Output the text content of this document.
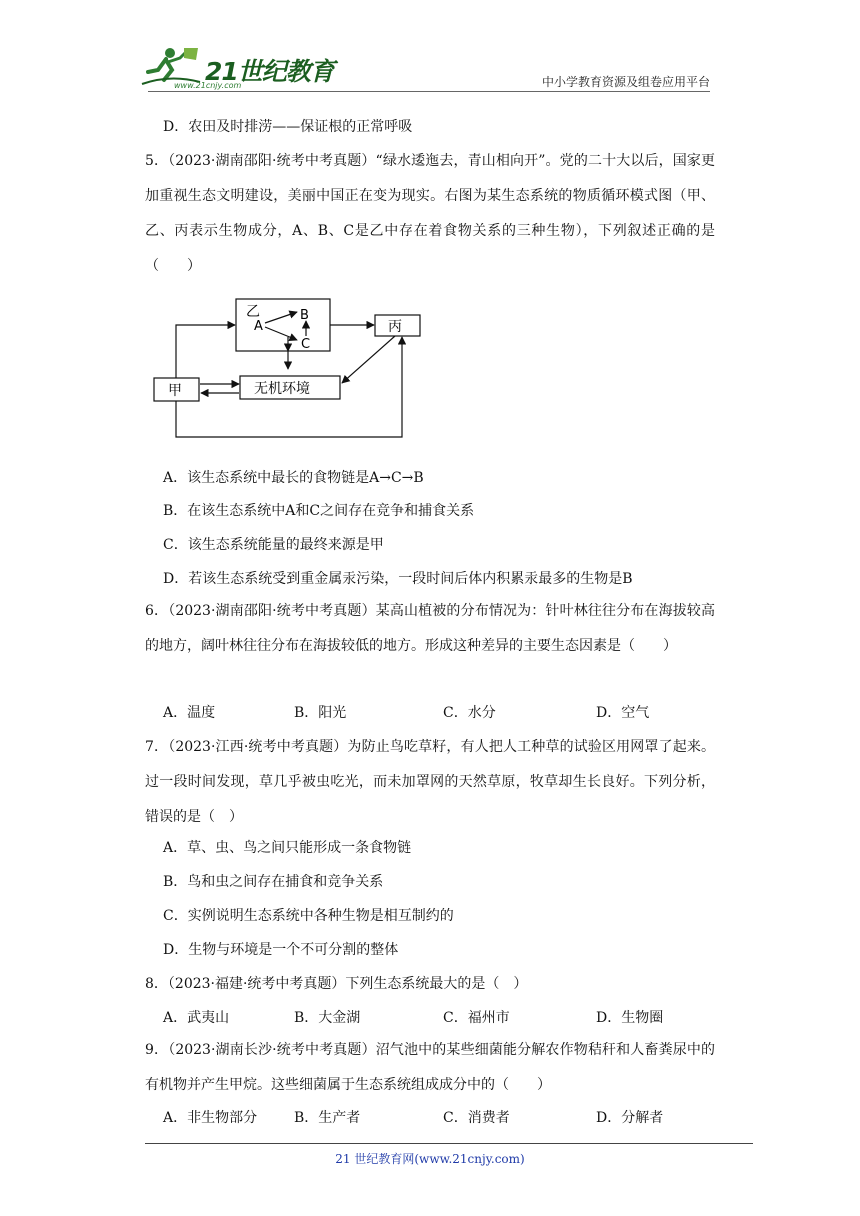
21世纪教育
www.21cnjy.com	中小学教育资源及组卷应用平台
D．农田及时排涝——保证根的正常呼吸
5．（2023·湖南邵阳·统考中考真题）“绿水逶迤去，青山相向开”。党的二十大以后，国家更加重视生态文明建设，美丽中国正在变为现实。右图为某生态系统的物质循环模式图（甲、乙、丙表示生物成分，A、B、C是乙中存在着食物关系的三种生物），下列叙述正确的是（　　）
乙
A
B
C
丙
无机环境
甲
A．该生态系统中最长的食物链是A→C→B
B．在该生态系统中A和C之间存在竞争和捕食关系
C．该生态系统能量的最终来源是甲
D．若该生态系统受到重金属汞污染，一段时间后体内积累汞最多的生物是B
6．（2023·湖南邵阳·统考中考真题）某高山植被的分布情况为：针叶林往往分布在海拔较高的地方，阔叶林往往分布在海拔较低的地方。形成这种差异的主要生态因素是（　　）
A．温度	B．阳光	C．水分	D．空气
7．（2023·江西·统考中考真题）为防止鸟吃草籽，有人把人工种草的试验区用网罩了起来。过一段时间发现，草几乎被虫吃光，而未加罩网的天然草原，牧草却生长良好。下列分析，错误的是（　）
A．草、虫、鸟之间只能形成一条食物链
B．鸟和虫之间存在捕食和竞争关系
C．实例说明生态系统中各种生物是相互制约的
D．生物与环境是一个不可分割的整体
8．（2023·福建·统考中考真题）下列生态系统最大的是（　）
A．武夷山	B．大金湖	C．福州市	D．生物圈
9．（2023·湖南长沙·统考中考真题）沼气池中的某些细菌能分解农作物秸秆和人畜粪尿中的有机物并产生甲烷。这些细菌属于生态系统组成成分中的（　　）
A．非生物部分	B．生产者	C．消费者	D．分解者
21 世纪教育网(www.21cnjy.com)
